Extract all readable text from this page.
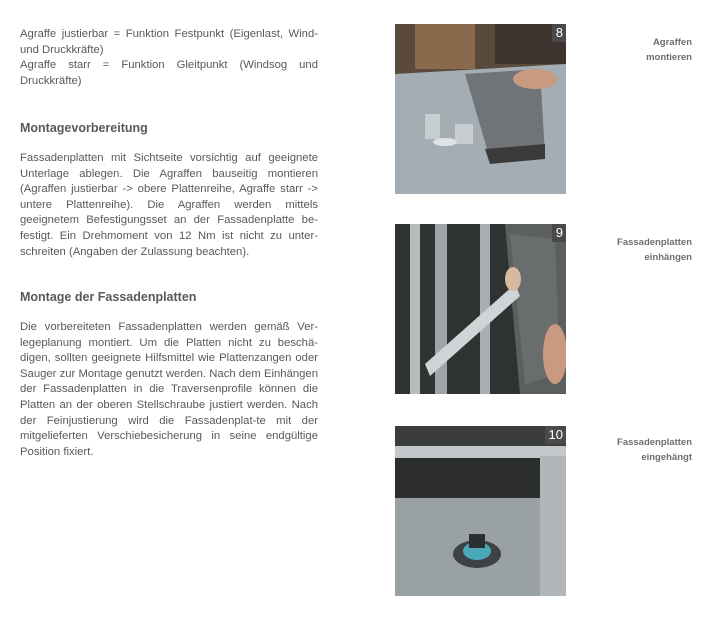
Agraffe justierbar = Funktion Festpunkt (Eigenlast, Wind- und Druckkräfte)

Agraffe starr = Funktion Gleitpunkt (Windsog und Druckkräfte)

Montagevorbereitung

Fassadenplatten mit Sichtseite vorsichtig auf geeignete Unterlage ablegen. Die Agraffen bauseitig montieren (Agraffen justierbar -> obere Plattenreihe, Agraffe starr -> untere Plattenreihe). Die Agraffen werden mittels geeignetem Befestigungsset an der Fassadenplatte be-festigt. Ein Drehmoment von 12 Nm ist nicht zu unter-schreiten (Angaben der Zulassung beachten).

Montage der Fassadenplatten

Die vorbereiteten Fassadenplatten werden gemäß Ver-legeplanung montiert. Um die Platten nicht zu beschä-digen, sollten geeignete Hilfsmittel wie Plattenzangen oder Sauger zur Montage genutzt werden. Nach dem Einhängen der Fassadenplatten in die Traversenprofile können die Platten an der oberen Stellschraube justiert werden. Nach der Feinjustierung wird die Fassadenplat-te mit der mitgelieferten Verschiebesicherung in seine endgültige Position fixiert.

8
Agraffen
montieren
9
Fassadenplatten
einhängen
10
Fassadenplatten
eingehängt
